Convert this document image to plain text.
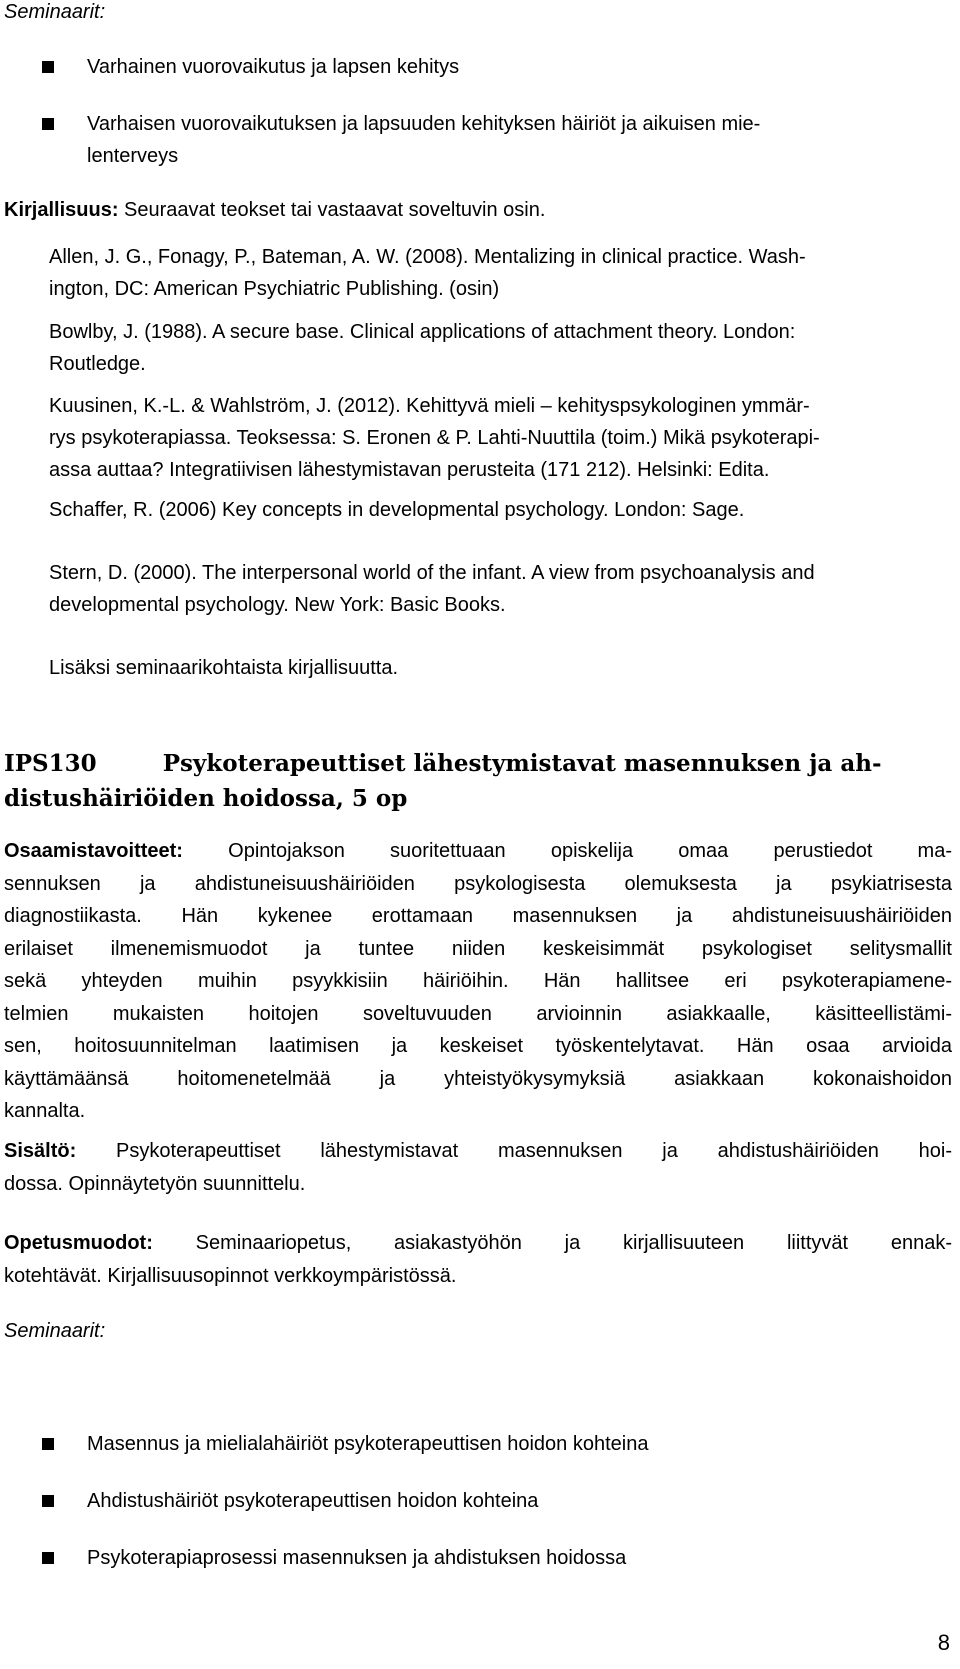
Seminaarit:

Varhainen vuorovaikutus ja lapsen kehitys

Varhaisen vuorovaikutuksen ja lapsuuden kehityksen häiriöt ja aikuisen mie-
lenterveys

Kirjallisuus: Seuraavat teokset tai vastaavat soveltuvin osin.

Allen, J. G., Fonagy, P., Bateman, A. W. (2008). Mentalizing in clinical practice. Wash-
ington, DC: American Psychiatric Publishing. (osin)

Bowlby, J. (1988). A secure base. Clinical applications of attachment theory. London:
Routledge.

Kuusinen, K.-L. & Wahlström, J. (2012). Kehittyvä mieli – kehityspsykologinen ymmär-
rys psykoterapiassa. Teoksessa: S. Eronen & P. Lahti-Nuuttila (toim.) Mikä psykoterapi-
assa auttaa? Integratiivisen lähestymistavan perusteita (171 212). Helsinki: Edita.

Schaffer, R. (2006) Key concepts in developmental psychology. London: Sage.

Stern, D. (2000). The interpersonal world of the infant. A view from psychoanalysis and
developmental psychology. New York: Basic Books.

Lisäksi seminaarikohtaista kirjallisuutta.

IPS130	Psykoterapeuttiset lähestymistavat masennuksen ja ah-

distushäiriöiden hoidossa, 5 op

Osaamistavoitteet: Opintojakson suoritettuaan opiskelija omaa perustiedot ma-
sennuksen ja ahdistuneisuushäiriöiden psykologisesta olemuksesta ja psykiatrisesta
diagnostiikasta. Hän kykenee erottamaan masennuksen ja ahdistuneisuushäiriöiden
erilaiset ilmenemismuodot ja tuntee niiden keskeisimmät psykologiset selitysmallit
sekä yhteyden muihin psyykkisiin häiriöihin. Hän hallitsee eri psykoterapiamene-
telmien mukaisten hoitojen soveltuvuuden arvioinnin asiakkaalle, käsitteellistämi-
sen, hoitosuunnitelman laatimisen ja keskeiset työskentelytavat. Hän osaa arvioida
käyttämäänsä hoitomenetelmää ja yhteistyökysymyksiä asiakkaan kokonaishoidon
kannalta.
Sisältö: Psykoterapeuttiset lähestymistavat masennuksen ja ahdistushäiriöiden hoi-
dossa. Opinnäytetyön suunnittelu.
Opetusmuodot: Seminaariopetus, asiakastyöhön ja kirjallisuuteen liittyvät ennak-
kotehtävät. Kirjallisuusopinnot verkkoympäristössä.

Seminaarit:

Masennus ja mielialahäiriöt psykoterapeuttisen hoidon kohteina

Ahdistushäiriöt psykoterapeuttisen hoidon kohteina

Psykoterapiaprosessi masennuksen ja ahdistuksen hoidossa

8
